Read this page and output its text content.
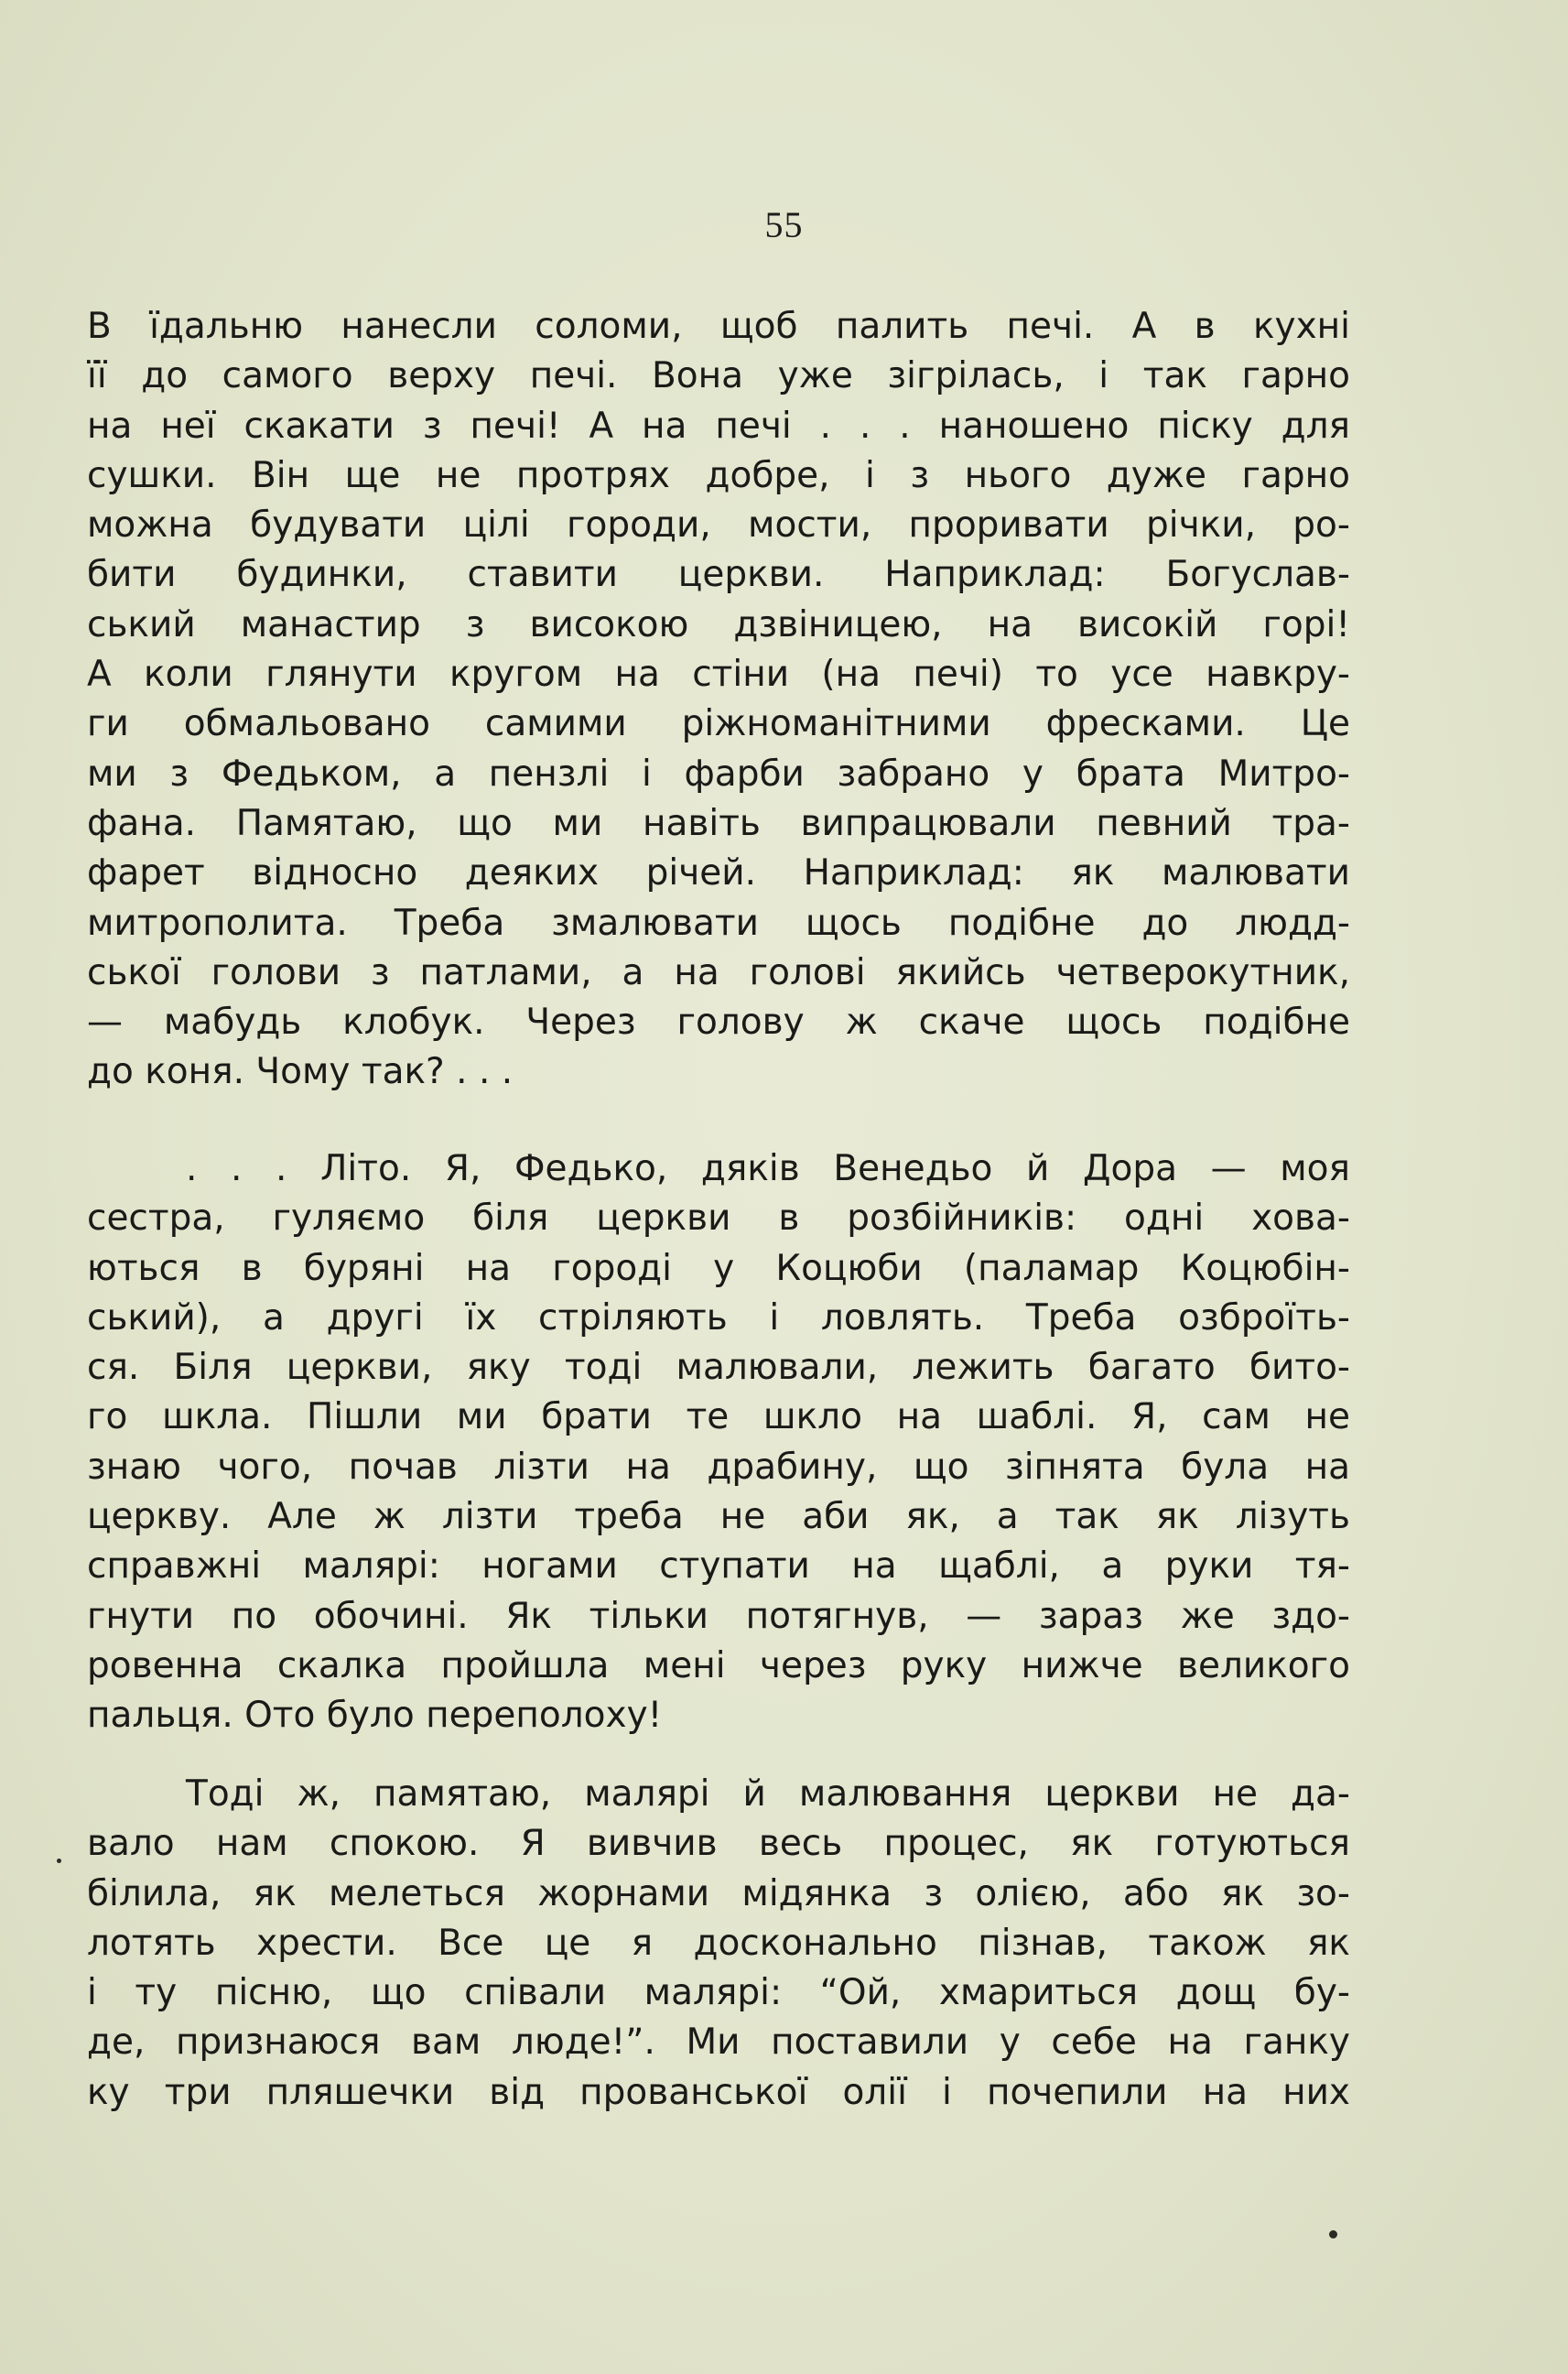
55
В їдальню нанесли соломи, щоб палить печі. А в кухні
її до самого верху печі. Вона уже зігрілась, і так гарно
на неї скакати з печі! А на печі . . . наношено піску для
сушки. Він ще не протрях добре, і з нього дуже гарно
можна будувати цілі городи, мости, проривати річки, ро-
бити будинки, ставити церкви. Наприклад: Богуслав-
ський манастир з високою дзвіницею, на високій горі!
А коли глянути кругом на стіни (на печі) то усе навкру-
ги обмальовано самими ріжноманітними фресками. Це
ми з Федьком, а пензлі і фарби забрано у брата Митро-
фана. Памятаю, що ми навіть випрацювали певний тра-
фарет відносно деяких річей. Наприклад: як малювати
митрополита. Треба змалювати щось подібне до людд-
ської голови з патлами, а на голові якийсь четверокутник,
— мабудь клобук. Через голову ж скаче щось подібне
до коня. Чому так? . . .
. . . Літо. Я, Федько, дяків Венедьо й Дора — моя
сестра, гуляємо біля церкви в розбійників: одні хова-
ються в буряні на городі у Коцюби (паламар Коцюбін-
ський), а другі їх стріляють і ловлять. Треба озброїть-
ся. Біля церкви, яку тоді малювали, лежить багато бито-
го шкла. Пішли ми брати те шкло на шаблі. Я, сам не
знаю чого, почав лізти на драбину, що зіпнята була на
церкву. Але ж лізти треба не аби як, а так як лізуть
справжні малярі: ногами ступати на щаблі, а руки тя-
гнути по обочині. Як тільки потягнув, — зараз же здо-
ровенна скалка пройшла мені через руку нижче великого
пальця. Ото було переполоху!
Тоді ж, памятаю, малярі й малювання церкви не да-
вало нам спокою. Я вивчив весь процес, як готуються
білила, як мелеться жорнами мідянка з олією, або як зо-
лотять хрести. Все це я досконально пізнав, також як
і ту пісню, що співали малярі: “Ой, хмариться дощ бу-
де, признаюся вам люде!”. Ми поставили у себе на ганку
ку три пляшечки від прованської олії і почепили на них
